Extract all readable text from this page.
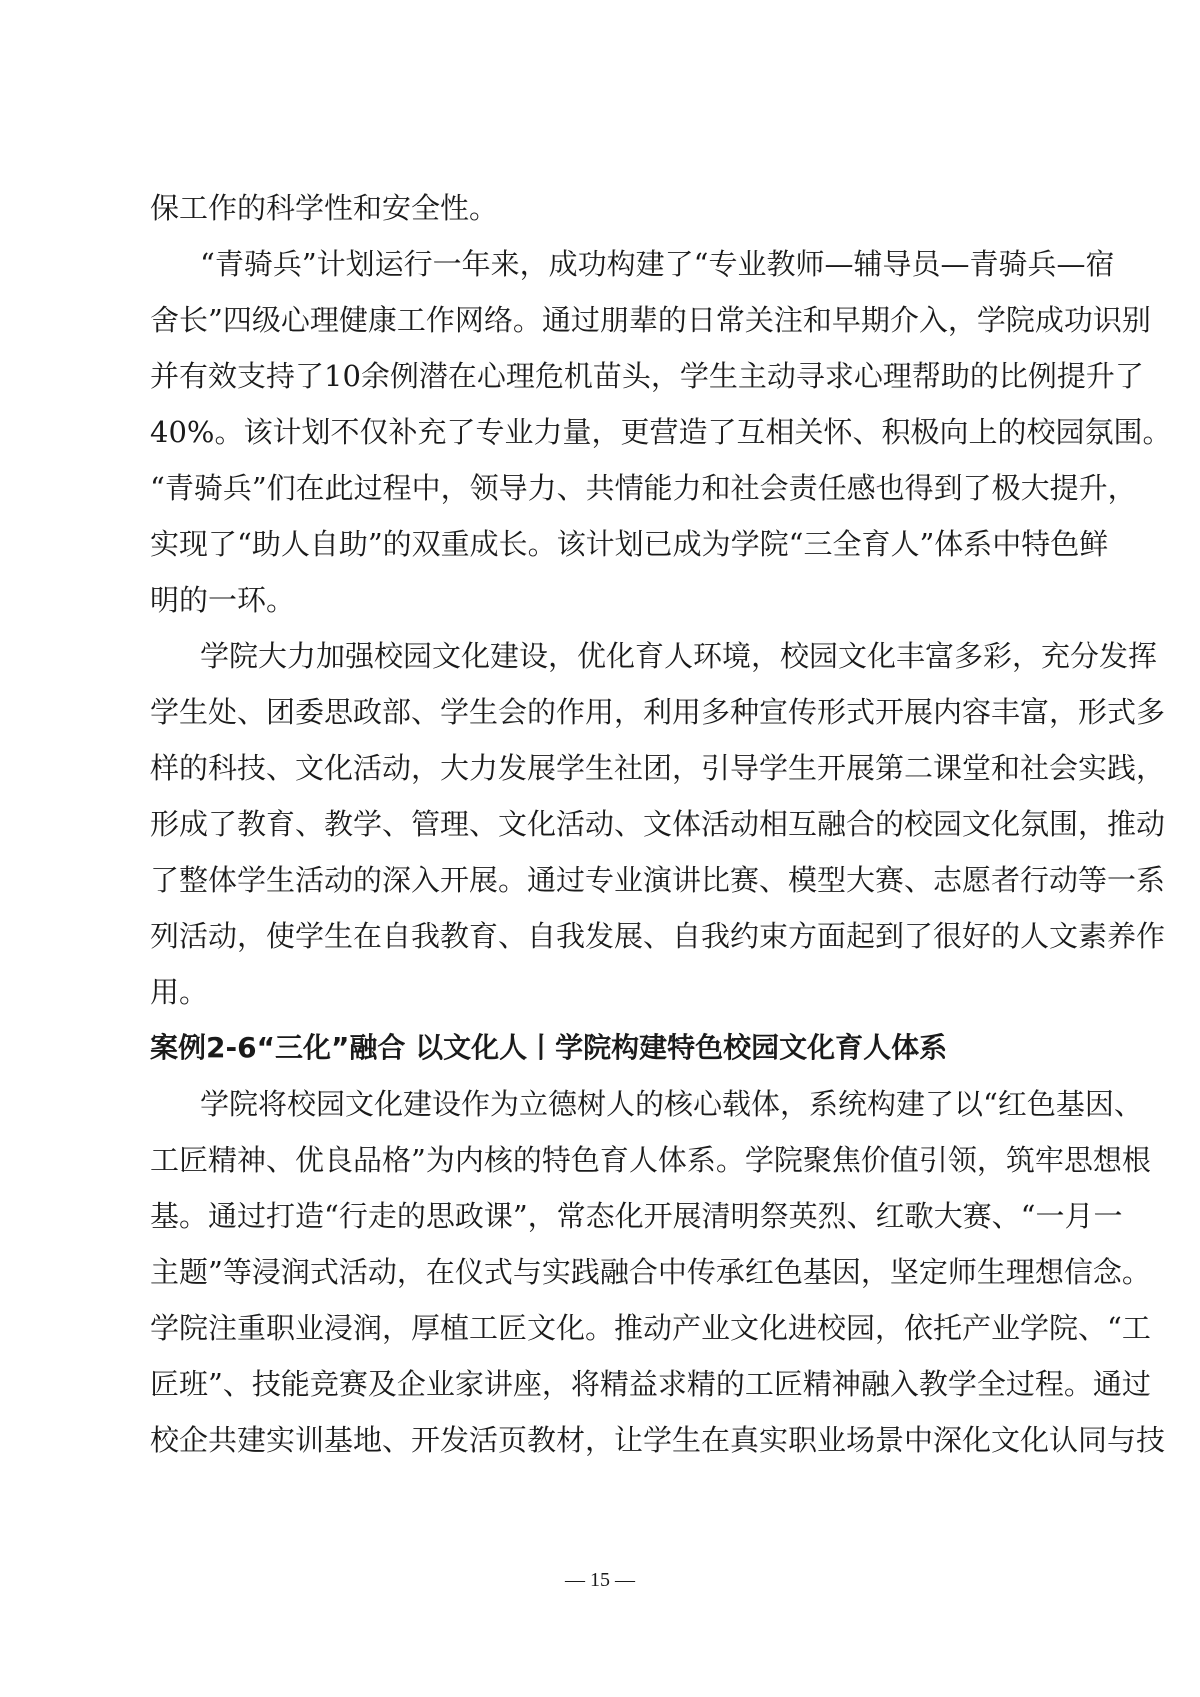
保工作的科学性和安全性。
“青骑兵”计划运行一年来，成功构建了“专业教师—辅导员—青骑兵—宿
舍长”四级心理健康工作网络。通过朋辈的日常关注和早期介入，学院成功识别
并有效支持了10余例潜在心理危机苗头，学生主动寻求心理帮助的比例提升了
40%。该计划不仅补充了专业力量，更营造了互相关怀、积极向上的校园氛围。
“青骑兵”们在此过程中，领导力、共情能力和社会责任感也得到了极大提升，
实现了“助人自助”的双重成长。该计划已成为学院“三全育人”体系中特色鲜
明的一环。
学院大力加强校园文化建设，优化育人环境，校园文化丰富多彩，充分发挥
学生处、团委思政部、学生会的作用，利用多种宣传形式开展内容丰富，形式多
样的科技、文化活动，大力发展学生社团，引导学生开展第二课堂和社会实践，
形成了教育、教学、管理、文化活动、文体活动相互融合的校园文化氛围，推动
了整体学生活动的深入开展。通过专业演讲比赛、模型大赛、志愿者行动等一系
列活动，使学生在自我教育、自我发展、自我约束方面起到了很好的人文素养作
用。
案例2-6“三化”融合 以文化人丨学院构建特色校园文化育人体系
学院将校园文化建设作为立德树人的核心载体，系统构建了以“红色基因、
工匠精神、优良品格”为内核的特色育人体系。学院聚焦价值引领，筑牢思想根
基。通过打造“行走的思政课”，常态化开展清明祭英烈、红歌大赛、“一月一
主题”等浸润式活动，在仪式与实践融合中传承红色基因，坚定师生理想信念。
学院注重职业浸润，厚植工匠文化。推动产业文化进校园，依托产业学院、“工
匠班”、技能竞赛及企业家讲座，将精益求精的工匠精神融入教学全过程。通过
校企共建实训基地、开发活页教材，让学生在真实职业场景中深化文化认同与技
— 15 —
